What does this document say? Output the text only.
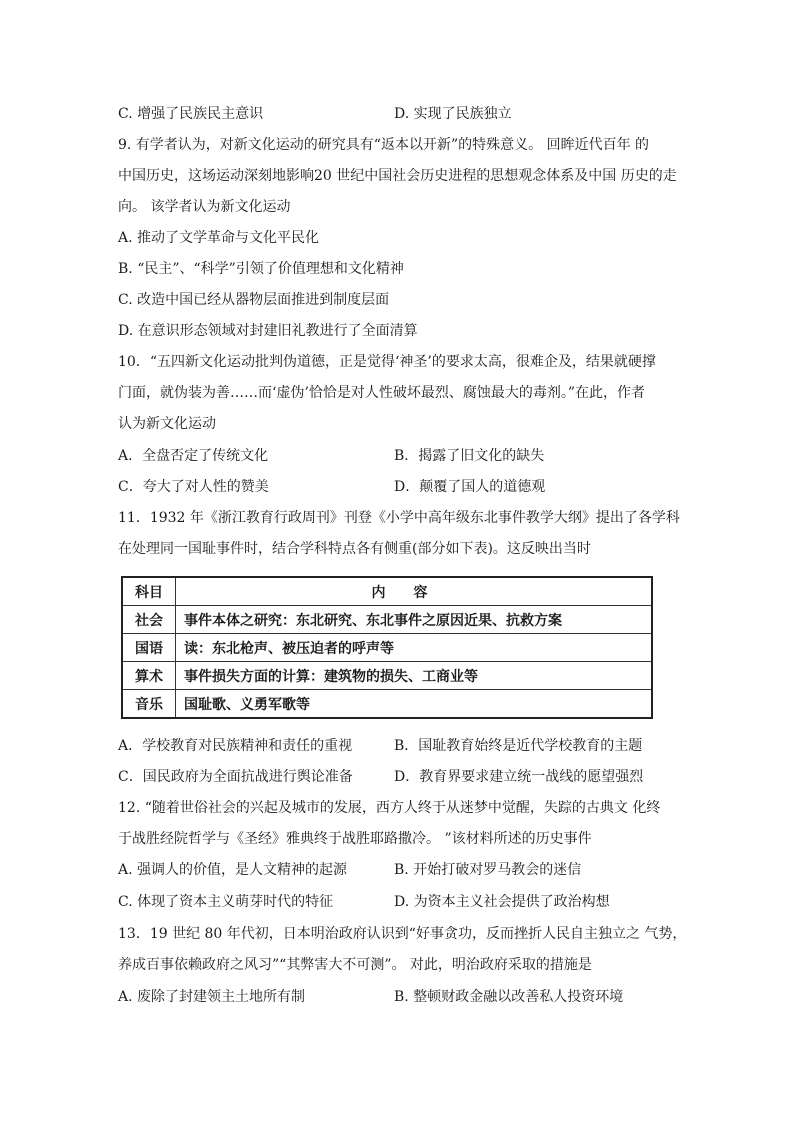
C. 增强了民族民主意识	D. 实现了民族独立
9. 有学者认为，对新文化运动的研究具有“返本以开新”的特殊意义。 回眸近代百年 的
中国历史，这场运动深刻地影响20 世纪中国社会历史进程的思想观念体系及中国 历史的走
向。 该学者认为新文化运动
A. 推动了文学革命与文化平民化
B. “民主”、“科学”引领了价值理想和文化精神
C. 改造中国已经从器物层面推进到制度层面
D. 在意识形态领域对封建旧礼教进行了全面清算
10．“五四新文化运动批判伪道德，正是觉得‘神圣’的要求太高，很难企及，结果就硬撑
门面，就伪装为善……而‘虚伪’恰恰是对人性破坏最烈、腐蚀最大的毒剂。”在此，作者
认为新文化运动
A．全盘否定了传统文化	B．揭露了旧文化的缺失
C．夸大了对人性的赞美	D．颠覆了国人的道德观
11．1932 年《浙江教育行政周刊》刊登《小学中高年级东北事件教学大纲》提出了各学科
在处理同一国耻事件时，结合学科特点各有侧重(部分如下表)。这反映出当时
科目	内容
社会	事件本体之研究：东北研究、东北事件之原因近果、抗救方案
国语	读：东北枪声、被压迫者的呼声等
算术	事件损失方面的计算：建筑物的损失、工商业等
音乐	国耻歌、义勇军歌等
A．学校教育对民族精神和责任的重视	B．国耻教育始终是近代学校教育的主题
C．国民政府为全面抗战进行舆论准备	D．教育界要求建立统一战线的愿望强烈
12. “随着世俗社会的兴起及城市的发展，西方人终于从迷梦中觉醒，失踪的古典文 化终
于战胜经院哲学与《圣经》雅典终于战胜耶路撒冷。 ”该材料所述的历史事件
A. 强调人的价值，是人文精神的起源	B. 开始打破对罗马教会的迷信
C. 体现了资本主义萌芽时代的特征	D. 为资本主义社会提供了政治构想
13．19 世纪 80 年代初，日本明治政府认识到“好事贪功，反而挫折人民自主独立之 气势，
养成百事依赖政府之风习”“其弊害大不可测”。 对此，明治政府采取的措施是
A. 废除了封建领主土地所有制	B. 整顿财政金融以改善私人投资环境
